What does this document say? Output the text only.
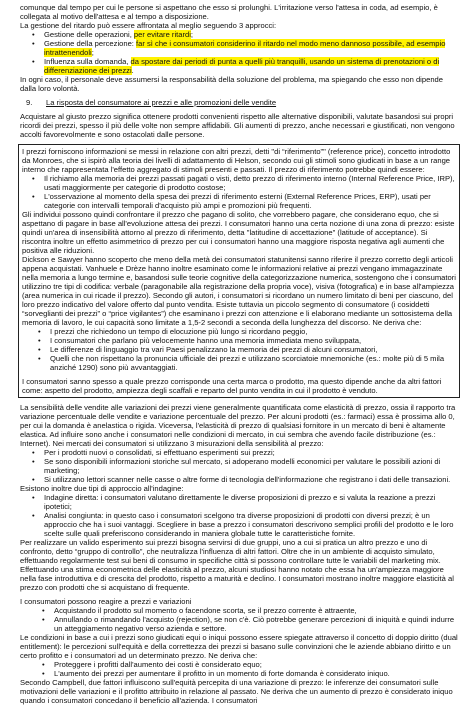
comunque dal tempo per cui le persone si aspettano che esso si prolunghi. L'irritazione verso l'attesa in coda, ad esempio, è collegata al motivo dell'attesa e al tempo a disposizione.

La gestione del ritardo può essere affrontata al meglio seguendo 3 approcci:

• Gestione delle operazioni, per evitare ritardi;
• Gestione della percezione: far sì che i consumatori considerino il ritardo nel modo meno dannoso possibile, ad esempio intrattenendoli;
• Influenza sulla domanda, da spostare dai periodi di punta a quelli più tranquilli, usando un sistema di prenotazioni o di differenziazione dei prezzi.

In ogni caso, il personale deve assumersi la responsabilità della soluzione del problema, ma spiegando che esso non dipende dalla loro volontà.

9. La risposta del consumatore ai prezzi e alle promozioni delle vendite

Acquistare al giusto prezzo significa ottenere prodotti convenienti rispetto alle alternative disponibili, valutate basandosi sui propri ricordi dei prezzi, spesso il più delle volte non sempre affidabili. Gli aumenti di prezzo, anche necessari e giustificati, non vengono accolti favorevolmente e sono ostacolati dalle persone.

I prezzi forniscono informazioni se messi in relazione con altri prezzi, detti "di “riferimento”" (reference price), concetto introdotto da Monroes, che si ispirò alla teoria dei livelli di adattamento di Helson, secondo cui gli stimoli sono giudicati in base a un range interno che rappresentata l'effetto aggregato di stimoli presenti e passati. Il prezzo di riferimento potrebbe quindi essere:

• Il richiamo alla memoria dei prezzi passati pagati o visti, detto prezzo di riferimento interno (Internal Reference Price, IRP), usati maggiormente per categorie di prodotto costose;
• L'osservazione al momento della spesa dei prezzi di riferimento esterni (External Reference Prices, ERP), usati per categorie con intervalli temporali d'acquisto più ampi e promozioni più frequenti.

Gli individui possono quindi confrontare il prezzo che pagano di solito, che vorrebbero pagare, che considerano equo, che si aspettano di pagare in base all'evoluzione attesa dei prezzi. I consumatori hanno una certa nozione di una zona di prezzo: esiste quindi un'area di insensibilità attorno al prezzo di riferimento, detta "latitudine di accettazione" (latitude of acceptance). Si riscontra inoltre un effetto asimmetrico di prezzo per cui i consumatori hanno una maggiore risposta negativa agli aumenti che positiva alle riduzioni.

Dickson e Sawyer hanno scoperto che meno della metà dei consumatori statunitensi sanno riferire il prezzo corretto degli articoli appena acquistati. Vanhuele e Drèze hanno inoltre esaminato come le informazioni relative ai prezzi vengano immagazzinate nella memoria a lungo termine e, basandosi sulle teorie cognitive della categorizzazione numerica, sostengono che i consumatori utilizzino tre tipi di codifica: verbale (paragonabile alla registrazione della propria voce), visiva (fotografica) e in base all'ampiezza (area numerica in cui ricade il prezzo). Secondo gli autori, i consumatori si ricordano un numero limitato di beni per ciascuno, del loro prezzo indicativo del valore offerto dal punto vendita. Esiste tuttavia un piccolo segmento di consumatore (i cosiddetti “sorveglianti dei prezzi” o “price vigilantes”) che esaminano i prezzi con attenzione e li elaborano mediante un sottosistema della memoria di lavoro, le cui capacità sono limitate a 1,5-2 secondi a seconda della lunghezza del discorso. Ne deriva che:

• I prezzi che richiedono un tempo di elocuzione più lungo si ricordano peggio,
• I consumatori che parlano più velocemente hanno una memoria immediata meno sviluppata,
• Le differenze di linguaggio tra vari Paesi penalizzano la memoria dei prezzi di alcuni consumatori,
• Quelli che non rispettano la pronuncia ufficiale dei prezzi e utilizzano scorciatoie mnemoniche (es.: molte più di 5 mila anziché 1290) sono più avvantaggiati.

I consumatori sanno spesso a quale prezzo corrisponde una certa marca o prodotto, ma questo dipende anche da altri fattori come: aspetto del prodotto, ampiezza degli scaffali e reparto del punto vendita in cui il prodotto è venduto.

La sensibilità delle vendite alle variazioni dei prezzi viene generalmente quantificata come elasticità di prezzo, ossia il rapporto tra variazione percentuale delle vendite e variazione percentuale del prezzo. Per alcuni prodotti (es.: farmaci) essa è prossima allo 0, per cui la domanda è anelastica o rigida. Viceversa, l'elasticità di prezzo di qualsiasi fornitore in un mercato di beni è altamente elastica. Ad influire sono anche i consumatori nelle condizioni di mercato, in cui sembra che avendo facile distribuzione (es.: Internet). Nei mercati dei consumatori si utilizzano 3 misurazioni della sensibilità al prezzo:

• Per i prodotti nuovi o consolidati, si effettuano esperimenti sui prezzi;
• Se sono disponibili informazioni storiche sul mercato, si adoperano modelli economici per valutare le possibili azioni di marketing;
• Si utilizzano lettori scanner nelle casse o altre forme di tecnologia dell'informazione che registrano i dati delle transazioni.

Esistono inoltre due tipi di approccio all'indagine:

• Indagine diretta: i consumatori valutano direttamente le diverse proposizioni di prezzo e si valuta la reazione a prezzi ipotetici;
• Analisi congiunta: in questo caso i consumatori scelgono tra diverse proposizioni di prodotti con diversi prezzi; è un approccio che ha i suoi vantaggi. Scegliere in base a prezzo i consumatori descrivono semplici profili del prodotto e le loro scelte sulle quali preferiscono considerando in maniera globale tutte le caratteristiche fornite.

Per realizzare un valido esperimento sui prezzi bisogna servirsi di due gruppi, uno a cui si pratica un altro prezzo e uno di confronto, detto “gruppo di controllo”, che neutralizza l'influenza di altri fattori. Oltre che in un ambiente di acquisto simulato, effettuando regolarmente test sui beni di consumo in specifiche città si possono controllare tutte le variabili del marketing mix.

Effettuando una stima econometrica delle elasticità al prezzo, alcuni studiosi hanno notato che essa ha un'ampiezza maggiore nella fase introduttiva e di crescita del prodotto, rispetto a maturità e declino. I consumatori mostrano inoltre maggiore elasticità al prezzo con prodotti che si acquistano di frequente.

I consumatori possono reagire a prezzi e variazioni

• Acquistando il prodotto sul momento o facendone scorta, se il prezzo corrente è attraente,
• Annullando o rimandando l'acquisto (rejection), se non c'è. Ciò potrebbe generare percezioni di iniquità e quindi indurre un atteggiamento negativo verso azienda e settore.

Le condizioni in base a cui i prezzi sono giudicati equi o iniqui possono essere spiegate attraverso il concetto di doppio diritto (dual entitlement): le percezioni sull'equità e della correttezza dei prezzi si basano sulle convinzioni che le aziende abbiano diritto e un certo profitto e i consumatori ad un determinato prezzo. Ne deriva che:

• Proteggere i profitti dall'aumento dei costi è considerato equo;
• L'aumento dei prezzi per aumentare il profitto in un momento di forte domanda è considerato iniquo.

Secondo Campbell, due fattori influiscono sull'equità percepita di una variazione di prezzo: le inferenze dei consumatori sulle motivazioni delle variazioni e il profitto attribuito in relazione al passato. Ne deriva che un aumento di prezzo è considerato iniquo quando i consumatori concedano il beneficio all'azienda. I consumatori
